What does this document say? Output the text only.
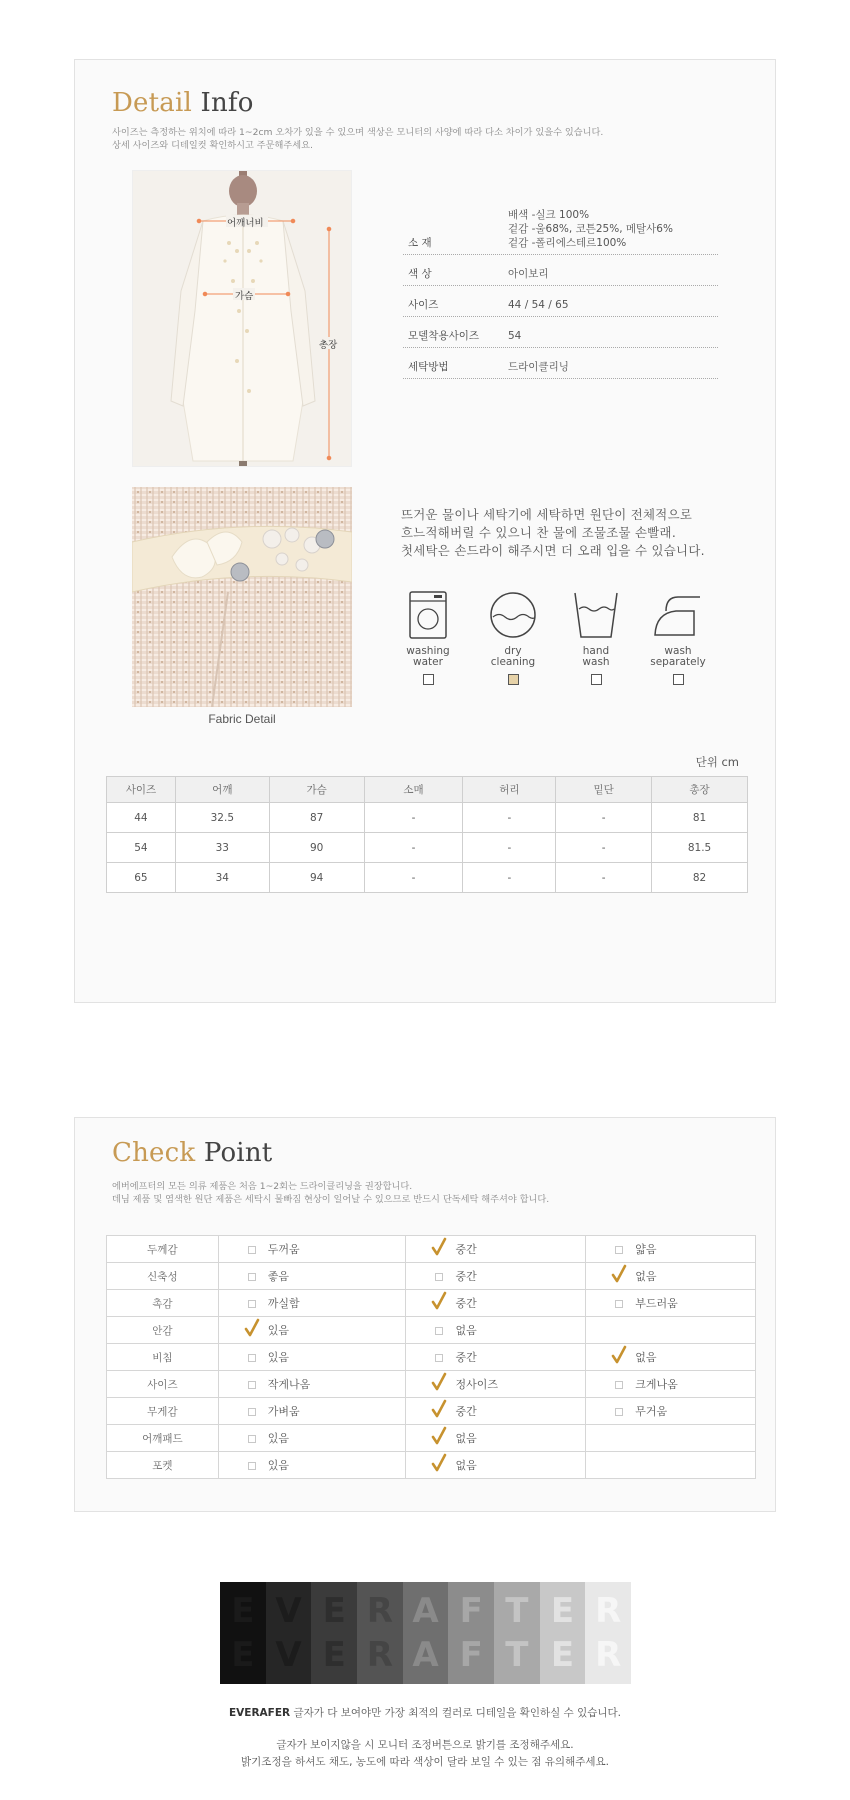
Detail Info
사이즈는 측정하는 위치에 따라 1~2cm 오차가 있을 수 있으며 색상은 모니터의 사양에 따라 다소 차이가 있을수 있습니다.
상세 사이즈와 디테일컷 확인하시고 주문해주세요.
어깨너비
가슴
총장
소 재
배색 -실크 100%
겉감 -울68%, 코튼25%, 메탈사6%
겉감 -폴리에스테르100%
색 상	아이보리
사이즈	44 / 54 / 65
모델착용사이즈	54
세탁방법	드라이클리닝
Fabric Detail
뜨거운 물이나 세탁기에 세탁하면 원단이 전체적으로
흐느적해버릴 수 있으니 찬 물에 조물조물 손빨래.
첫세탁은 손드라이 해주시면 더 오래 입을 수 있습니다.
washing
water
dry
cleaning
hand
wash
wash
separately
단위 cm
사이즈	어깨	가슴	소매	허리	밑단	총장
44	32.5	87	-	-	-	81
54	33	90	-	-	-	81.5
65	34	94	-	-	-	82
Check Point
에버에프터의 모든 의류 제품은 처음 1~2회는 드라이클리닝을 권장합니다.
데님 제품 및 염색한 원단 제품은 세탁시 물빠짐 현상이 일어날 수 있으므로 반드시 단독세탁 해주셔야 합니다.
두께감	두꺼움	중간	얇음
신축성	좋음	중간	없음
촉감	까실함	중간	부드러움
안감	있음	없음	
비침	있음	중간	없음
사이즈	작게나옴	정사이즈	크게나옴
무게감	가벼움	중간	무거움
어깨패드	있음	없음	
포켓	있음	없음	
E
E
V
V
E
E
R
R
A
A
F
F
T
T
E
E
R
R
EVERAFER 글자가 다 보여야만 가장 최적의 컬러로 디테일을 확인하실 수 있습니다.
글자가 보이지않을 시 모니터 조정버튼으로 밝기를 조정해주세요.
밝기조정을 하셔도 채도, 농도에 따라 색상이 달라 보일 수 있는 점 유의해주세요.
